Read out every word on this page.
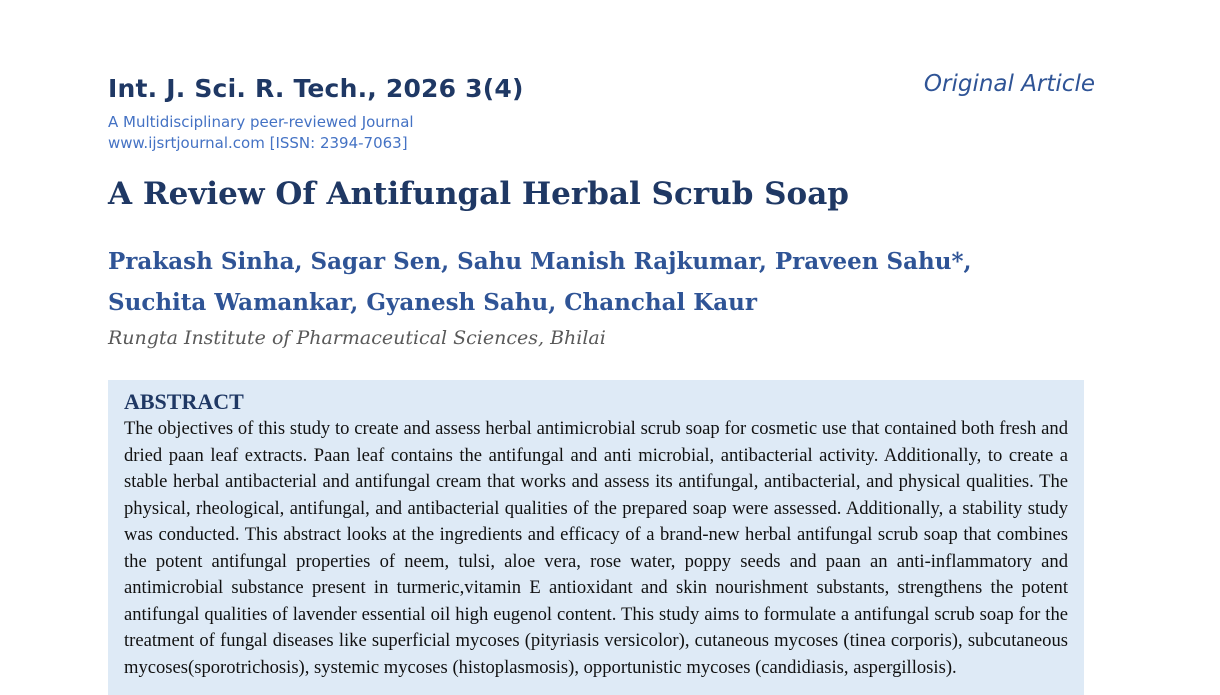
Int. J. Sci. R. Tech., 2026 3(4)	Original Article
A Multidisciplinary peer-reviewed Journal
www.ijsrtjournal.com [ISSN: 2394-7063]
A Review Of Antifungal Herbal Scrub Soap
Prakash Sinha, Sagar Sen, Sahu Manish Rajkumar, Praveen Sahu*, Suchita Wamankar, Gyanesh Sahu, Chanchal Kaur
Rungta Institute of Pharmaceutical Sciences, Bhilai
ABSTRACT
The objectives of this study to create and assess herbal antimicrobial scrub soap for cosmetic use that contained both fresh and dried paan leaf extracts. Paan leaf contains the antifungal and anti microbial, antibacterial activity. Additionally, to create a stable herbal antibacterial and antifungal cream that works and assess its antifungal, antibacterial, and physical qualities. The physical, rheological, antifungal, and antibacterial qualities of the prepared soap were assessed. Additionally, a stability study was conducted. This abstract looks at the ingredients and efficacy of a brand-new herbal antifungal scrub soap that combines the potent antifungal properties of neem, tulsi, aloe vera, rose water, poppy seeds and paan an anti-inflammatory and antimicrobial substance present in turmeric,vitamin E antioxidant and skin nourishment substants, strengthens the potent antifungal qualities of lavender essential oil high eugenol content. This study aims to formulate a antifungal scrub soap for the treatment of fungal diseases like superficial mycoses (pityriasis versicolor), cutaneous mycoses (tinea corporis), subcutaneous mycoses(sporotrichosis), systemic mycoses (histoplasmosis), opportunistic mycoses (candidiasis, aspergillosis).
